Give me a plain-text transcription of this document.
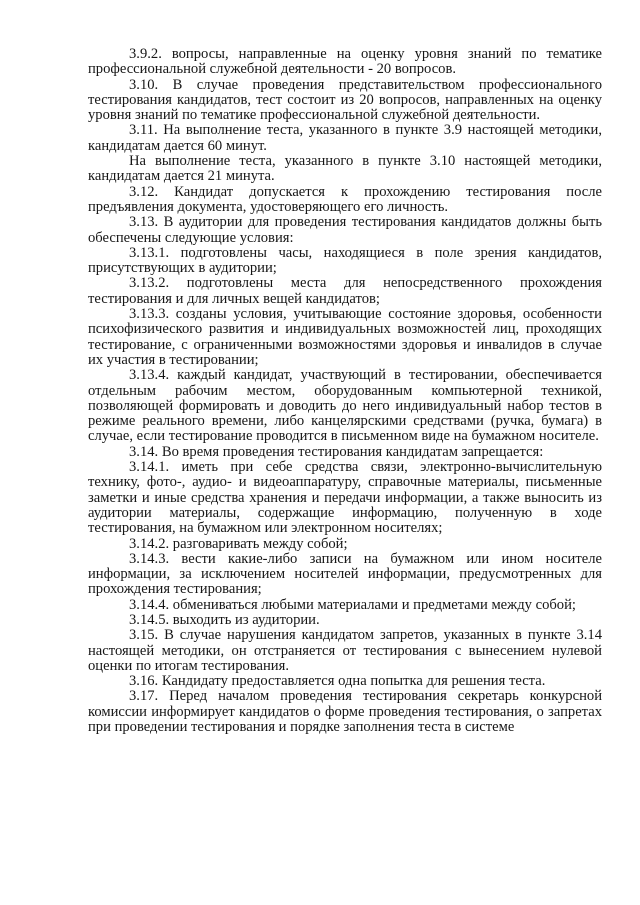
3.9.2. вопросы, направленные на оценку уровня знаний по тематике профессиональной служебной деятельности - 20 вопросов.

3.10. В случае проведения представительством профессионального тестирования кандидатов, тест состоит из 20 вопросов, направленных на оценку уровня знаний по тематике профессиональной служебной деятельности.

3.11. На выполнение теста, указанного в пункте 3.9 настоящей методики, кандидатам дается 60 минут.

На выполнение теста, указанного в пункте 3.10 настоящей методики, кандидатам дается 21 минута.

3.12. Кандидат допускается к прохождению тестирования после предъявления документа, удостоверяющего его личность.

3.13. В аудитории для проведения тестирования кандидатов должны быть обеспечены следующие условия:

3.13.1. подготовлены часы, находящиеся в поле зрения кандидатов, присутствующих в аудитории;

3.13.2. подготовлены места для непосредственного прохождения тестирования и для личных вещей кандидатов;

3.13.3. созданы условия, учитывающие состояние здоровья, особенности психофизического развития и индивидуальных возможностей лиц, проходящих тестирование, с ограниченными возможностями здоровья и инвалидов в случае их участия в тестировании;

3.13.4. каждый кандидат, участвующий в тестировании, обеспечивается отдельным рабочим местом, оборудованным компьютерной техникой, позволяющей формировать и доводить до него индивидуальный набор тестов в режиме реального времени, либо канцелярскими средствами (ручка, бумага) в случае, если тестирование проводится в письменном виде на бумажном носителе.

3.14. Во время проведения тестирования кандидатам запрещается:

3.14.1. иметь при себе средства связи, электронно-вычислительную технику, фото-, аудио- и видеоаппаратуру, справочные материалы, письменные заметки и иные средства хранения и передачи информации, а также выносить из аудитории материалы, содержащие информацию, полученную в ходе тестирования, на бумажном или электронном носителях;

3.14.2. разговаривать между собой;

3.14.3. вести какие-либо записи на бумажном или ином носителе информации, за исключением носителей информации, предусмотренных для прохождения тестирования;

3.14.4. обмениваться любыми материалами и предметами между собой;

3.14.5. выходить из аудитории.

3.15. В случае нарушения кандидатом запретов, указанных в пункте 3.14 настоящей методики, он отстраняется от тестирования с вынесением нулевой оценки по итогам тестирования.

3.16. Кандидату предоставляется одна попытка для решения теста.

3.17. Перед началом проведения тестирования секретарь конкурсной комиссии информирует кандидатов о форме проведения тестирования, о запретах при проведении тестирования и порядке заполнения теста в системе
